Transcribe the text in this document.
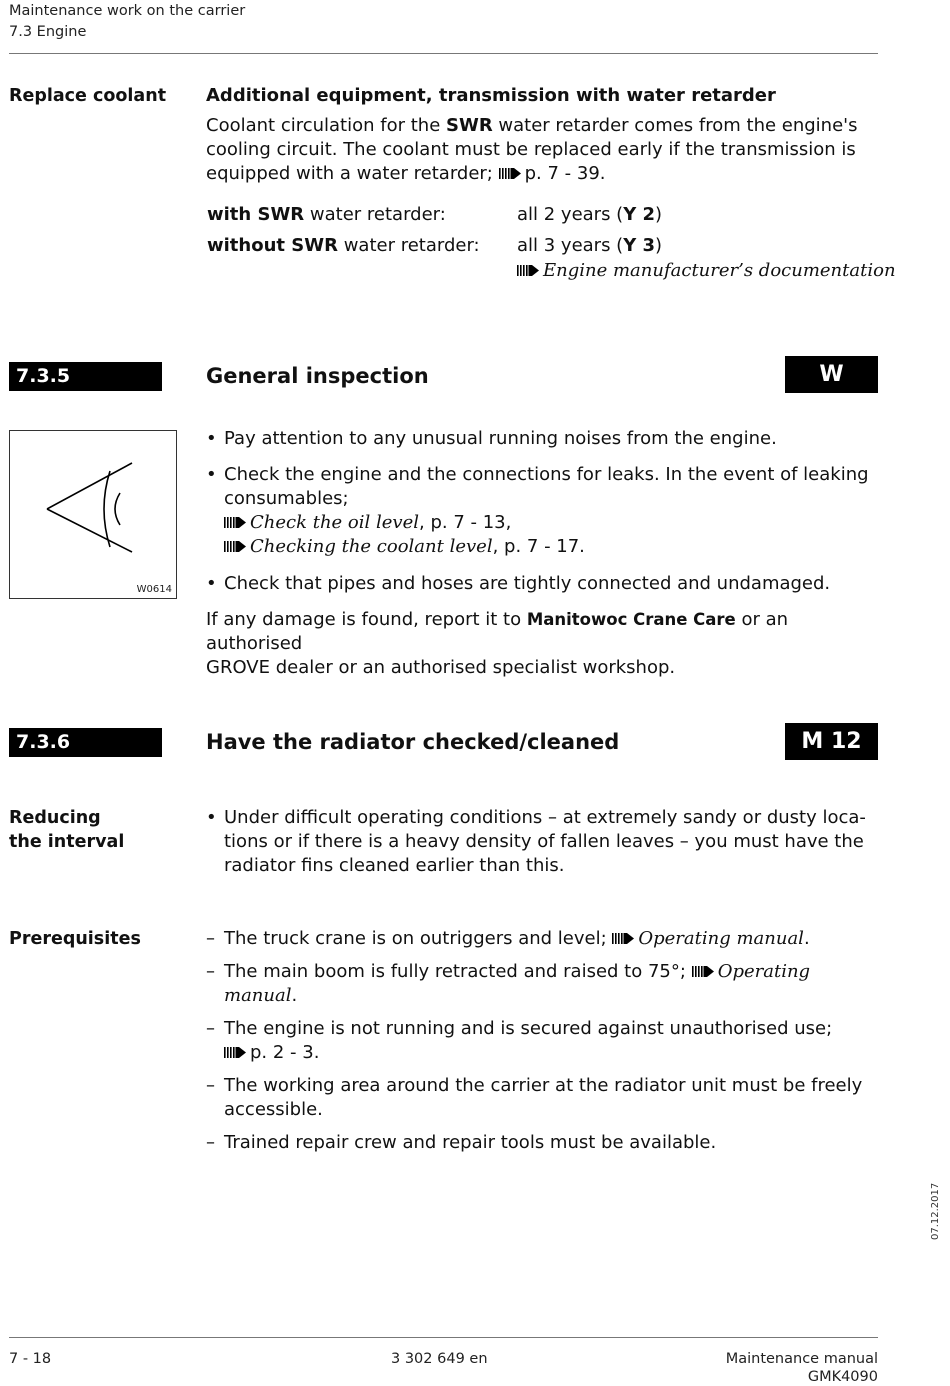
Maintenance work on the carrier
7.3 Engine
Replace coolant Additional equipment, transmission with water retarder
Coolant circulation for the SWR water retarder comes from the engine's
cooling circuit. The coolant must be replaced early if the transmission is
equipped with a water retarder; p. 7 - 39.
with SWR water retarder:	all 2 years (Y 2)
without SWR water retarder: all 3 years (Y 3)
Engine manufacturer’s documentation
7.3.5	General inspection	W
W0614
• Pay attention to any unusual running noises from the engine.
• Check the engine and the connections for leaks. In the event of leaking
consumables;
Check the oil level, p. 7 - 13,
Checking the coolant level, p. 7 - 17.
• Check that pipes and hoses are tightly connected and undamaged.
If any damage is found, report it to Manitowoc Crane Care or an authorised
GROVE dealer or an authorised specialist workshop.
7.3.6	Have the radiator checked/cleaned	M 12
Reducing
the interval
• Under difficult operating conditions – at extremely sandy or dusty loca-
tions or if there is a heavy density of fallen leaves – you must have the
radiator fins cleaned earlier than this.
Prerequisites
–	The truck crane is on outriggers and level; Operating manual.
– The main boom is fully retracted and raised to 75°; Operating manual.
– The engine is not running and is secured against unauthorised use;
p. 2 - 3.
– The working area around the carrier at the radiator unit must be freely
accessible.
– Trained repair crew and repair tools must be available.
07.12.2017
7 - 18	3 302 649 en	Maintenance manual
GMK4090
